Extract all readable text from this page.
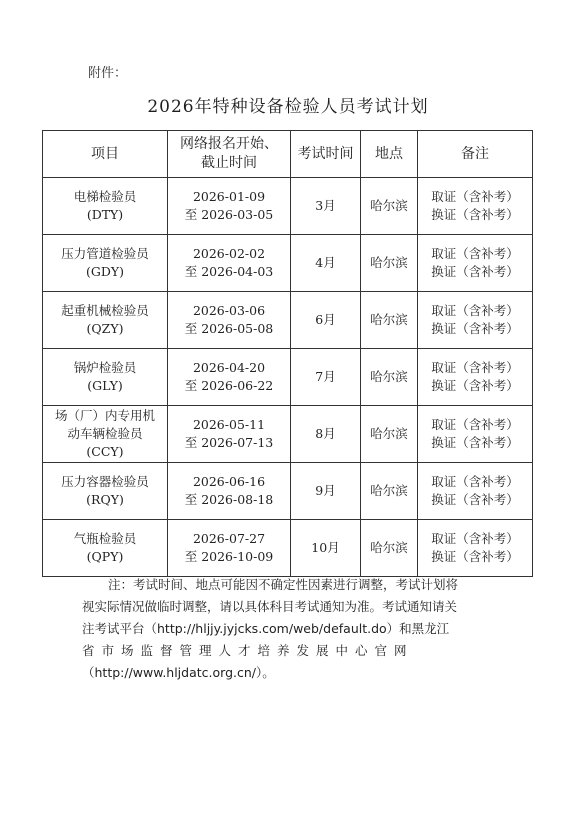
附件：
2026年特种设备检验人员考试计划
项目	网络报名开始、
截止时间	考试时间	地点	备注

电梯检验员
(DTY)	2026-01-09
至 2026-03-05	3月	哈尔滨	取证（含补考）
换证（含补考）

压力管道检验员
(GDY)	2026-02-02
至 2026-04-03	4月	哈尔滨	取证（含补考）
换证（含补考）

起重机械检验员
(QZY)	2026-03-06
至 2026-05-08	6月	哈尔滨	取证（含补考）
换证（含补考）

锅炉检验员
(GLY)	2026-04-20
至 2026-06-22	7月	哈尔滨	取证（含补考）
换证（含补考）

场（厂）内专用机
动车辆检验员
(CCY)	2026-05-11
至 2026-07-13	8月	哈尔滨	取证（含补考）
换证（含补考）

压力容器检验员
(RQY)	2026-06-16
至 2026-08-18	9月	哈尔滨	取证（含补考）
换证（含补考）

气瓶检验员
(QPY)	2026-07-27
至 2026-10-09	10月	哈尔滨	取证（含补考）
换证（含补考）
注：考试时间、地点可能因不确定性因素进行调整，考试计划将
视实际情况做临时调整，请以具体科目考试通知为准。考试通知请关
注考试平台（http://hljjy.jyjcks.com/web/default.do）和黑龙江
省市场监督管理人才培养发展中心官网
（http://www.hljdatc.org.cn/）。
